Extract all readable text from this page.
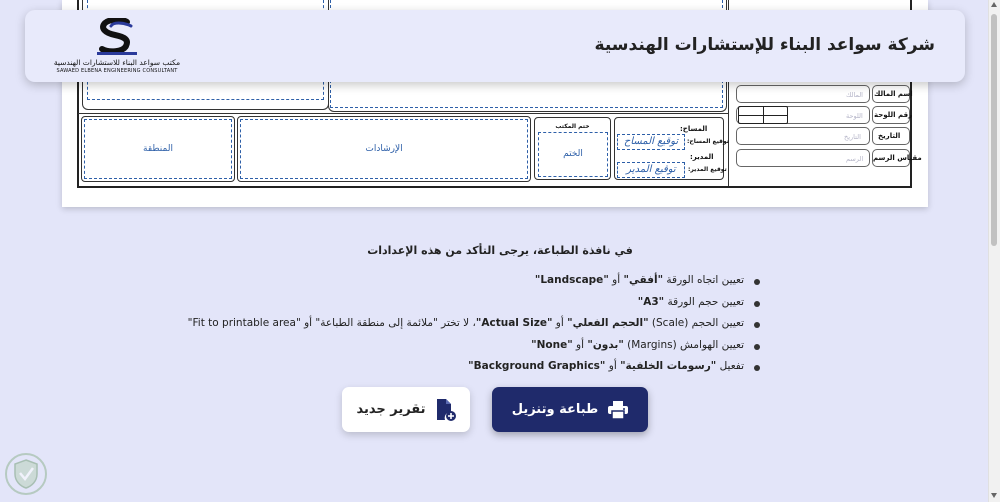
المالك اسم المالك
اللوحة رقم اللوحة
التاريخ التاريخ
الرسم مقياس الرسم
المساح:
توقيع المساح:
توقيع المساح
المدير:
توقيع المدير:
توقيع المدير
ختم المكتب
الختم
الإرشادات
المنطقة
شركة سواعد البناء للإستشارات الهندسية
مكتب سواعد البناء للاستشارات الهندسية
SAWAED ELBENA ENGINEERING CONSULTANT
في نافذة الطباعة، يرجى التأكد من هذه الإعدادات
تعيين اتجاه الورقة "أفقي" أو "Landscape"
تعيين حجم الورقة "A3"
تعيين الحجم (Scale) "الحجم الفعلي" أو "Actual Size"، لا تختر "ملائمة إلى منطقة الطباعة" أو "Fit to printable area"
تعيين الهوامش (Margins) "بدون" أو "None"
تفعيل "رسومات الخلفية" أو "Background Graphics"
طباعة وتنزيل
تقرير جديد
